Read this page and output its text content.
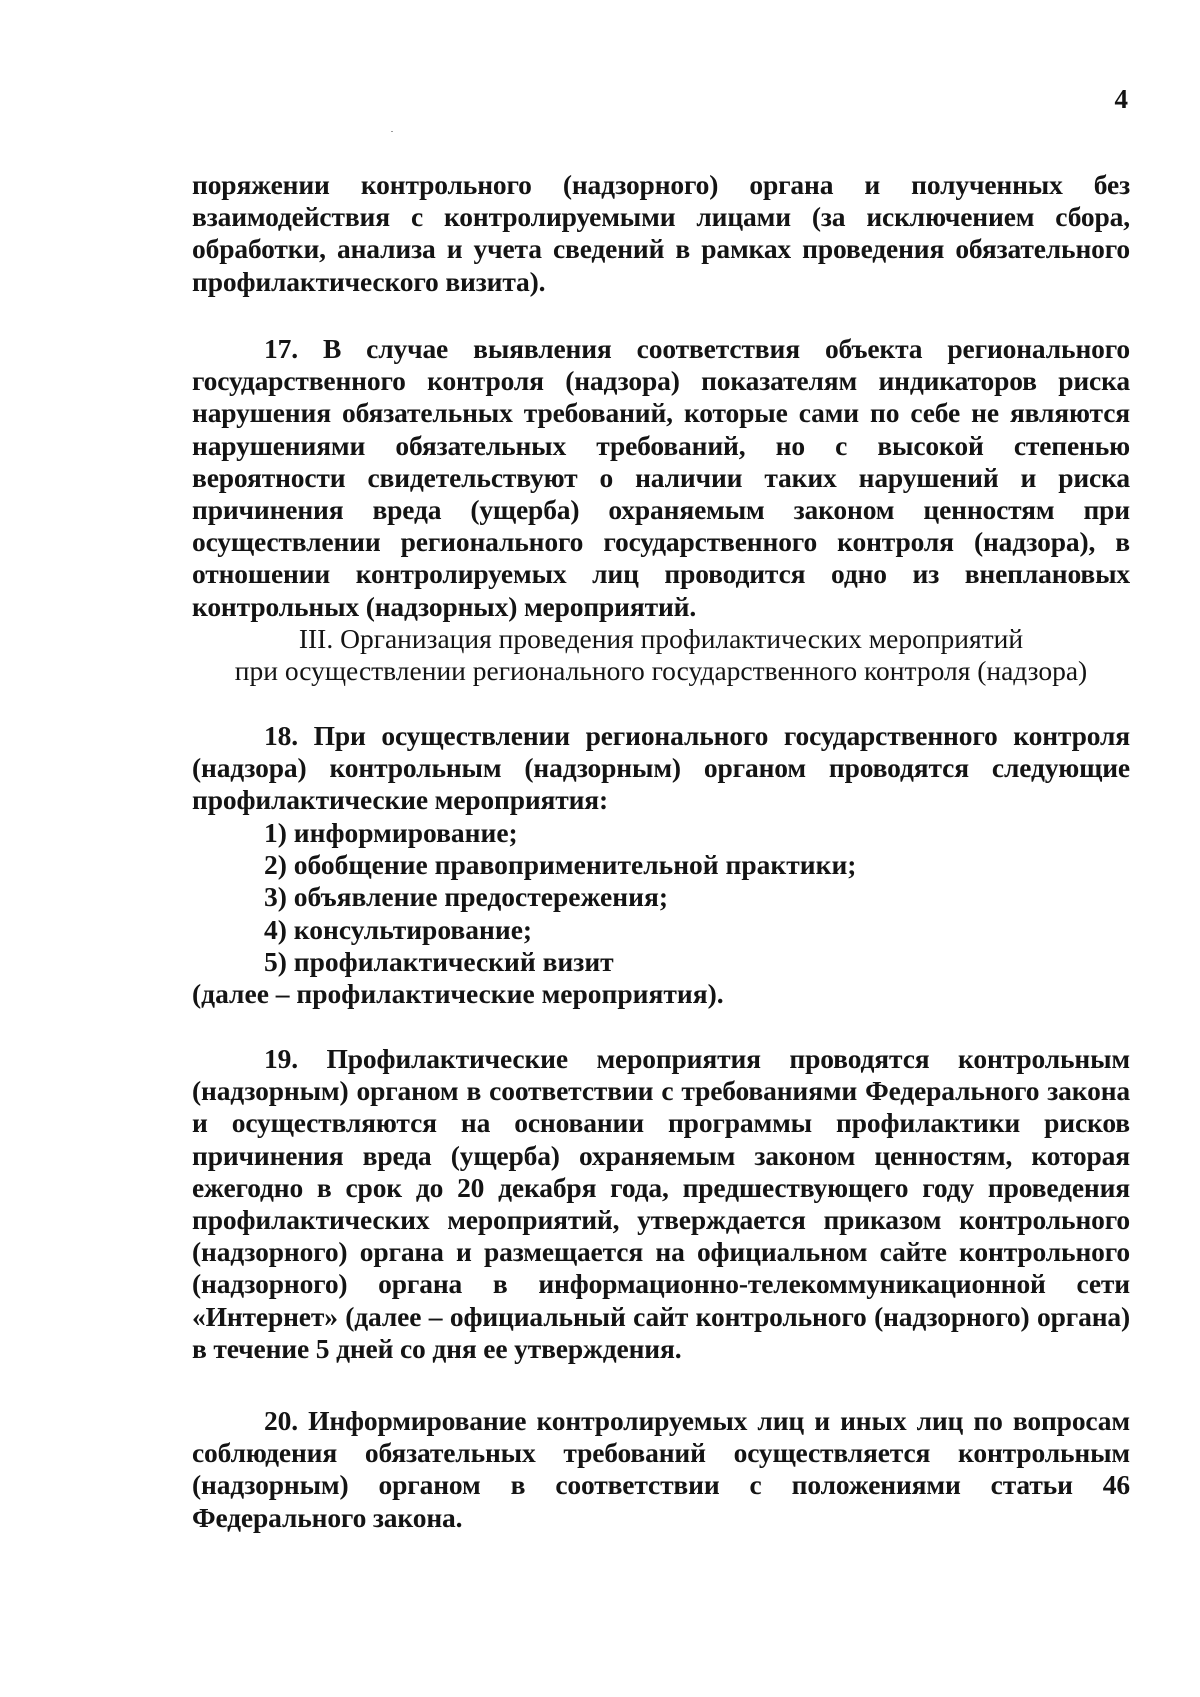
4

поряжении контрольного (надзорного) органа и полученных без взаимодействия с контролируемыми лицами (за исключением сбора, обработки, анализа и учета сведений в рамках проведения обязательного профилактического визита).

17. В случае выявления соответствия объекта регионального государственного контроля (надзора) показателям индикаторов риска нарушения обязательных требований, которые сами по себе не являются нарушениями обязательных требований, но с высокой степенью вероятности свидетельствуют о наличии таких нарушений и риска причинения вреда (ущерба) охраняемым законом ценностям при осуществлении регионального государственного контроля (надзора), в отношении контролируемых лиц проводится одно из внеплановых контрольных (надзорных) мероприятий.

III. Организация проведения профилактических мероприятий
при осуществлении регионального государственного контроля (надзора)

18. При осуществлении регионального государственного контроля (надзора) контрольным (надзорным) органом проводятся следующие профилактические мероприятия:

1) информирование;
2) обобщение правоприменительной практики;
3) объявление предостережения;
4) консультирование;
5) профилактический визит
(далее – профилактические мероприятия).

19. Профилактические мероприятия проводятся контрольным (надзорным) органом в соответствии с требованиями Федерального закона и осуществляются на основании программы профилактики рисков причинения вреда (ущерба) охраняемым законом ценностям, которая ежегодно в срок до 20 декабря года, предшествующего году проведения профилактических мероприятий, утверждается приказом контрольного (надзорного) органа и размещается на официальном сайте контрольного (надзорного) органа в информационно-телекоммуникационной сети «Интернет» (далее – официальный сайт контрольного (надзорного) органа) в течение 5 дней со дня ее утверждения.

20. Информирование контролируемых лиц и иных лиц по вопросам соблюдения обязательных требований осуществляется контрольным (надзорным) органом в соответствии с положениями статьи 46 Федерального закона.
